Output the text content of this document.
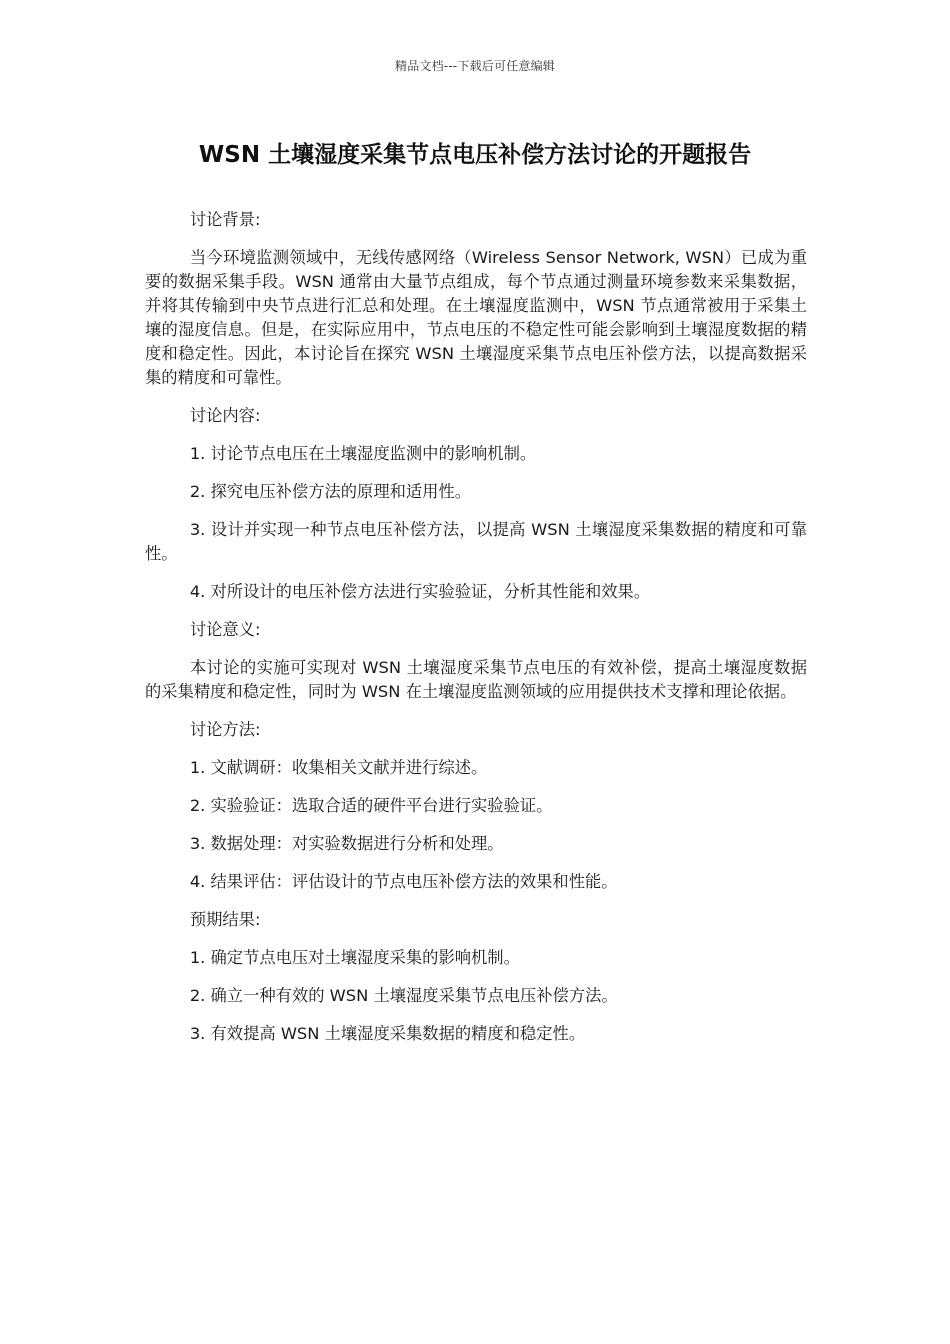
精品文档---下载后可任意编辑
WSN 土壤湿度采集节点电压补偿方法讨论的开题报告

讨论背景:

当今环境监测领域中，无线传感网络（Wireless Sensor Network, WSN）已成为重要的数据采集手段。WSN 通常由大量节点组成，每个节点通过测量环境参数来采集数据，并将其传输到中央节点进行汇总和处理。在土壤湿度监测中，WSN 节点通常被用于采集土壤的湿度信息。但是，在实际应用中，节点电压的不稳定性可能会影响到土壤湿度数据的精度和稳定性。因此，本讨论旨在探究 WSN 土壤湿度采集节点电压补偿方法，以提高数据采集的精度和可靠性。

讨论内容:

1. 讨论节点电压在土壤湿度监测中的影响机制。

2. 探究电压补偿方法的原理和适用性。

3. 设计并实现一种节点电压补偿方法，以提高 WSN 土壤湿度采集数据的精度和可靠性。

4. 对所设计的电压补偿方法进行实验验证，分析其性能和效果。

讨论意义:

本讨论的实施可实现对 WSN 土壤湿度采集节点电压的有效补偿，提高土壤湿度数据的采集精度和稳定性，同时为 WSN 在土壤湿度监测领域的应用提供技术支撑和理论依据。

讨论方法:

1. 文献调研：收集相关文献并进行综述。

2. 实验验证：选取合适的硬件平台进行实验验证。

3. 数据处理：对实验数据进行分析和处理。

4. 结果评估：评估设计的节点电压补偿方法的效果和性能。

预期结果:

1. 确定节点电压对土壤湿度采集的影响机制。

2. 确立一种有效的 WSN 土壤湿度采集节点电压补偿方法。

3. 有效提高 WSN 土壤湿度采集数据的精度和稳定性。
